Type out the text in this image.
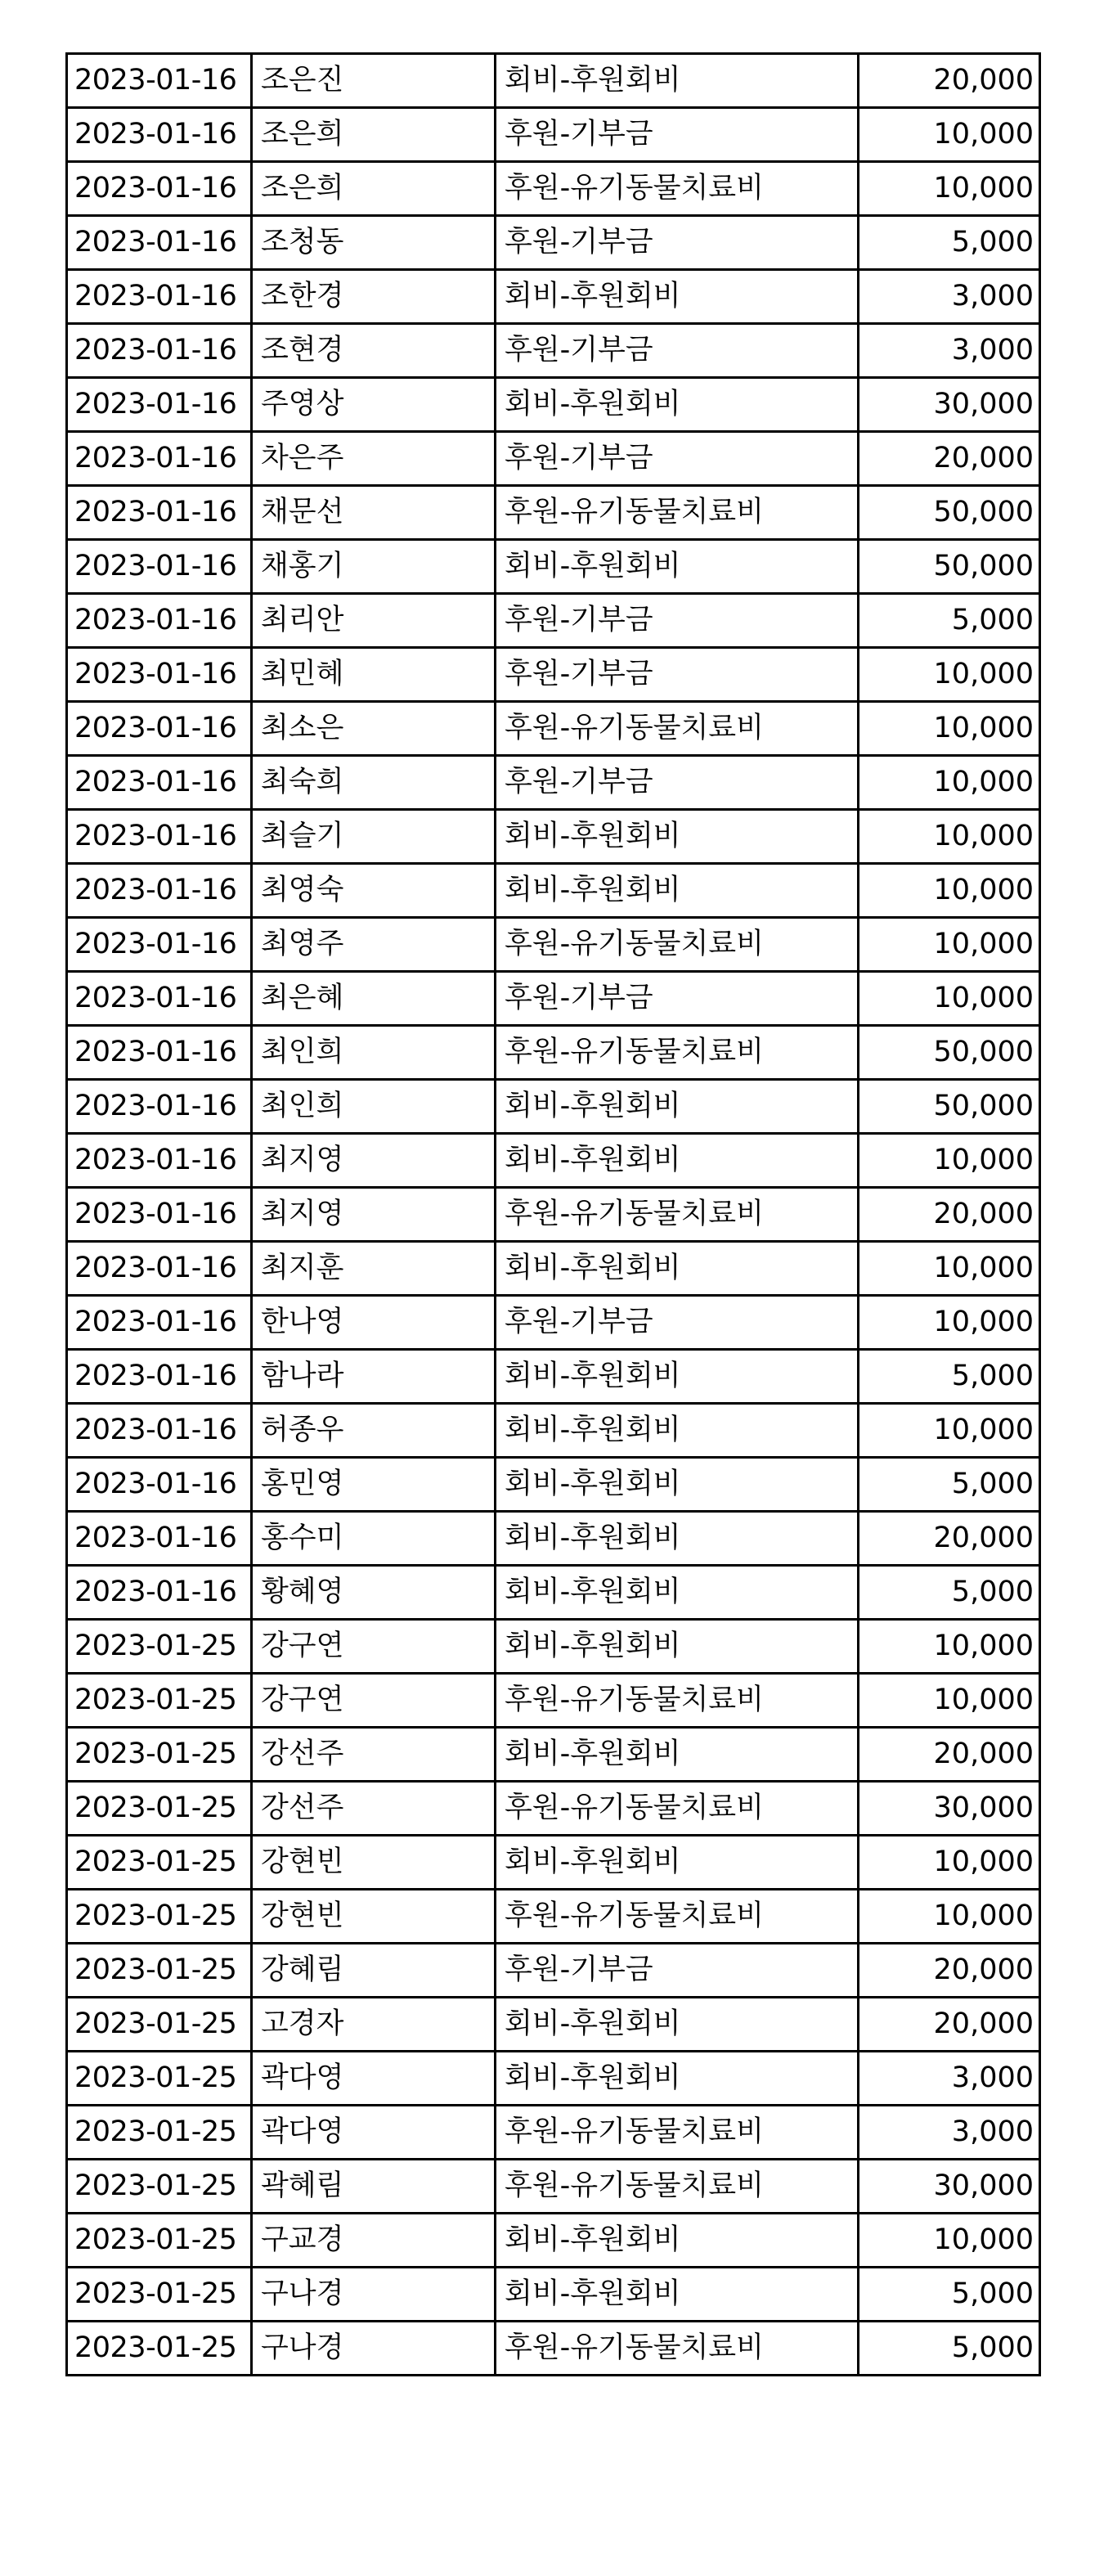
2023-01-16	조은진	회비-후원회비	20,000
2023-01-16	조은희	후원-기부금	10,000
2023-01-16	조은희	후원-유기동물치료비	10,000
2023-01-16	조청동	후원-기부금	5,000
2023-01-16	조한경	회비-후원회비	3,000
2023-01-16	조현경	후원-기부금	3,000
2023-01-16	주영상	회비-후원회비	30,000
2023-01-16	차은주	후원-기부금	20,000
2023-01-16	채문선	후원-유기동물치료비	50,000
2023-01-16	채홍기	회비-후원회비	50,000
2023-01-16	최리안	후원-기부금	5,000
2023-01-16	최민혜	후원-기부금	10,000
2023-01-16	최소은	후원-유기동물치료비	10,000
2023-01-16	최숙희	후원-기부금	10,000
2023-01-16	최슬기	회비-후원회비	10,000
2023-01-16	최영숙	회비-후원회비	10,000
2023-01-16	최영주	후원-유기동물치료비	10,000
2023-01-16	최은혜	후원-기부금	10,000
2023-01-16	최인희	후원-유기동물치료비	50,000
2023-01-16	최인희	회비-후원회비	50,000
2023-01-16	최지영	회비-후원회비	10,000
2023-01-16	최지영	후원-유기동물치료비	20,000
2023-01-16	최지훈	회비-후원회비	10,000
2023-01-16	한나영	후원-기부금	10,000
2023-01-16	함나라	회비-후원회비	5,000
2023-01-16	허종우	회비-후원회비	10,000
2023-01-16	홍민영	회비-후원회비	5,000
2023-01-16	홍수미	회비-후원회비	20,000
2023-01-16	황혜영	회비-후원회비	5,000
2023-01-25	강구연	회비-후원회비	10,000
2023-01-25	강구연	후원-유기동물치료비	10,000
2023-01-25	강선주	회비-후원회비	20,000
2023-01-25	강선주	후원-유기동물치료비	30,000
2023-01-25	강현빈	회비-후원회비	10,000
2023-01-25	강현빈	후원-유기동물치료비	10,000
2023-01-25	강혜림	후원-기부금	20,000
2023-01-25	고경자	회비-후원회비	20,000
2023-01-25	곽다영	회비-후원회비	3,000
2023-01-25	곽다영	후원-유기동물치료비	3,000
2023-01-25	곽혜림	후원-유기동물치료비	30,000
2023-01-25	구교경	회비-후원회비	10,000
2023-01-25	구나경	회비-후원회비	5,000
2023-01-25	구나경	후원-유기동물치료비	5,000
